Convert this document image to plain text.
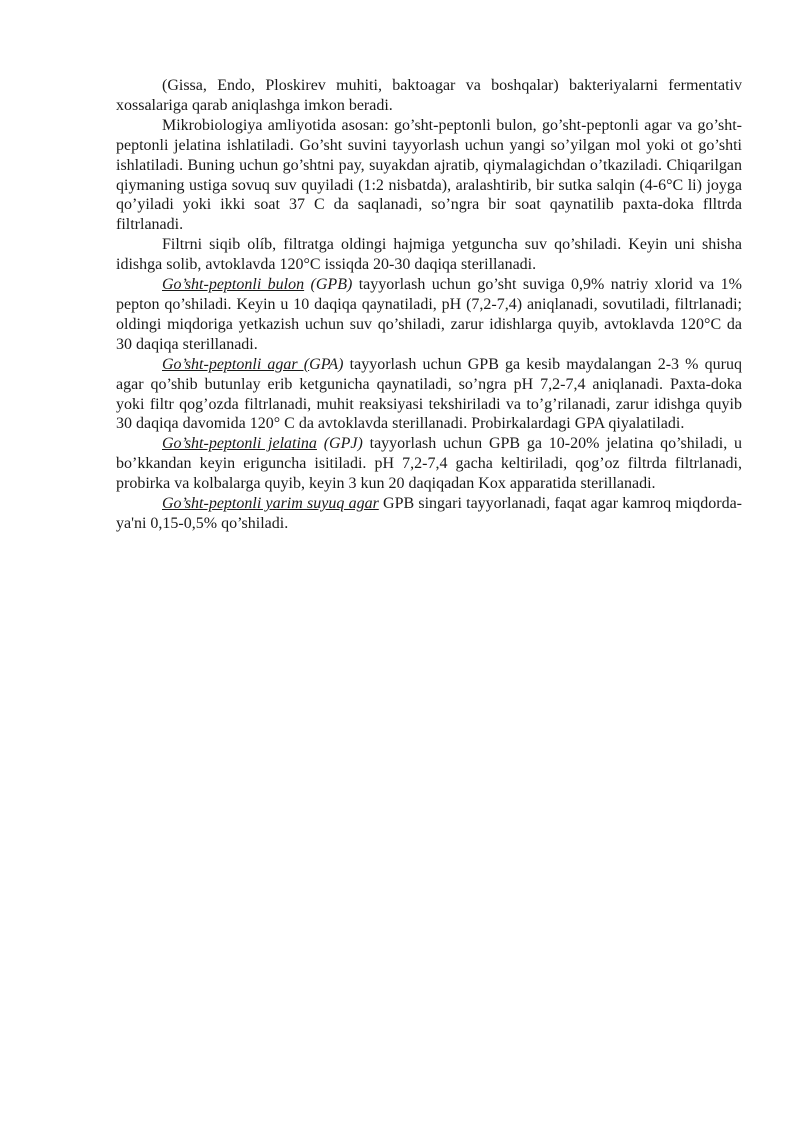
(Gissa, Endo, Ploskirev muhiti, baktoagar va boshqalar) bakteriyalarni fermentativ xossalariga qarab aniqlashga imkon beradi.

Mikrobiologiya amliyotida asosan: go’sht-peptonli bulon, go’sht-peptonli agar va go’sht-peptonli jelatina ishlatiladi. Go’sht suvini tayyorlash uchun yangi so’yilgan mol yoki ot go’shti ishlatiladi. Buning uchun go’shtni pay, suyakdan ajratib, qiymalagichdan o’tkaziladi. Chiqarilgan qiymaning ustiga sovuq suv quyiladi (1:2 nisbatda), aralashtirib, bir sutka salqin (4-6°C li) joyga qo’yiladi yoki ikki soat 37 C da saqlanadi, so’ngra bir soat qaynatilib paxta-doka flltrda filtrlanadi.

Filtrni siqib olíb, filtratga oldingi hajmiga yetguncha suv qo’shiladi. Keyin uni shisha idishga solib, avtoklavda 120°C issiqda 20-30 daqiqa sterillanadi.

Go’sht-peptonli bulon (GPB) tayyorlash uchun go’sht suviga 0,9% natriy xlorid va 1% pepton qo’shiladi. Keyin u 10 daqiqa qaynatiladi, pH (7,2-7,4) aniqlanadi, sovutiladi, filtrlanadi; oldingi miqdoriga yetkazish uchun suv qo’shiladi, zarur idishlarga quyib, avtoklavda 120°C da 30 daqiqa sterillanadi.

Go’sht-peptonli agar (GPA) tayyorlash uchun GPB ga kesib maydalangan 2-3 % quruq agar qo’shib butunlay erib ketgunicha qaynatiladi, so’ngra pH 7,2-7,4 aniqlanadi. Paxta-doka yoki filtr qog’ozda filtrlanadi, muhit reaksiyasi tekshiriladi va to’g’rilanadi, zarur idishga quyib 30 daqiqa davomida 120° C da avtoklavda sterillanadi. Probirkalardagi GPA qiyalatiladi.

Go’sht-peptonli jelatina (GPJ) tayyorlash uchun GPB ga 10-20% jelatina qo’shiladi, u bo’kkandan keyin eriguncha isitiladi. pH 7,2-7,4 gacha keltiriladi, qog’oz filtrda filtrlanadi, probirka va kolbalarga quyib, keyin 3 kun 20 daqiqadan Kox apparatida sterillanadi.

Go’sht-peptonli yarim suyuq agar GPB singari tayyorlanadi, faqat agar kamroq miqdorda-ya'ni 0,15-0,5% qo’shiladi.
